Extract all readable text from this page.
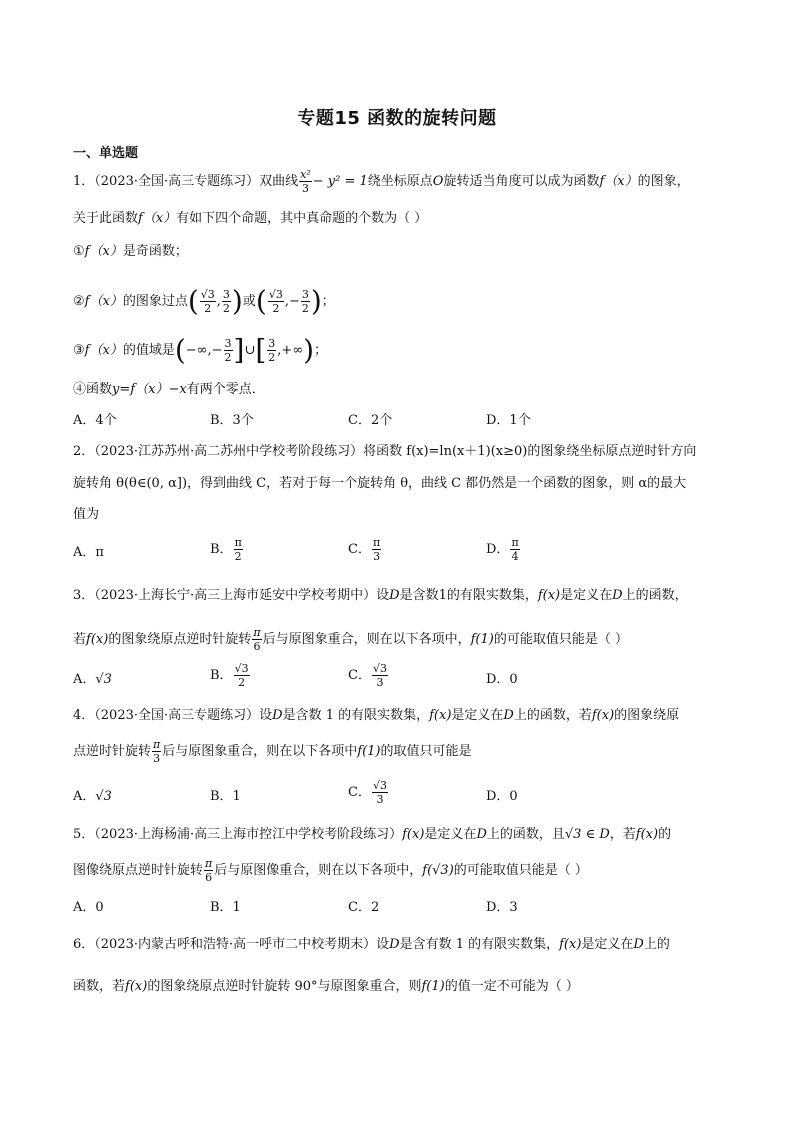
专题15 函数的旋转问题
一、单选题
1．（2023·全国·高三专题练习）双曲线 $\frac{\text{x²}}{3} - y^2 = 1$绕坐标原点O旋转适当角度可以成为函数f（x）的图象，
关于此函数f（x）有如下四个命题，其中真命题的个数为（ ）
①f（x）是奇函数；
②f（x）的图象过点( $\frac{√3}{2}$ , $\frac{3}{2}$ )或( $\frac{√3}{2}$ ,− $\frac{3}{2}$ )；
③f（x）的值域是(−∞,− $\frac{3}{2}$ ]∪[ $\frac{3}{2}$ ,+∞)；
④函数y=f（x）−x有两个零点．
A．4个	B．3个	C．2个	D．1个
2．（2023·江苏苏州·高二苏州中学校考阶段练习）将函数 f(x)=ln(x＋1)(x≥0)的图象绕坐标原点逆时针方向
旋转角 θ(θ∈(0, α])，得到曲线 C，若对于每一个旋转角 θ，曲线 C 都仍然是一个函数的图象，则 α的最大
值为
A．π	B． $\frac{\pi}{2}$	C． $\frac{\pi}{3}$	D． $\frac{\pi}{4}$
3．（2023·上海长宁·高三上海市延安中学校考期中）设D是含数1的有限实数集，f(x)是定义在D上的函数，
若f(x)的图象绕原点逆时针旋转 $\frac{\pi}{6}$ 后与原图象重合，则在以下各项中，f(1)的可能取值只能是（ ）
A．√3	B． $\frac{√3}{2}$	C． $\frac{√3}{3}$	D．0
4．（2023·全国·高三专题练习）设D是含数 1 的有限实数集，f(x)是定义在D上的函数，若f(x)的图象绕原
点逆时针旋转 $\frac{\pi}{3}$ 后与原图象重合，则在以下各项中f(1)的取值只可能是
A．√3	B．1	C． $\frac{√3}{3}$	D．0
5．（2023·上海杨浦·高三上海市控江中学校考阶段练习）f(x)是定义在D上的函数，且√3 ∈ D，若f(x)的
图像绕原点逆时针旋转 $\frac{\pi}{6}$ 后与原图像重合，则在以下各项中，f(√3)的可能取值只能是（ ）
A．0	B．1	C．2	D．3
6．（2023·内蒙古呼和浩特·高一呼市二中校考期末）设D是含有数 1 的有限实数集，f(x)是定义在D上的
函数，若f(x)的图象绕原点逆时针旋转 90°与原图象重合，则f(1)的值一定不可能为（ ）
